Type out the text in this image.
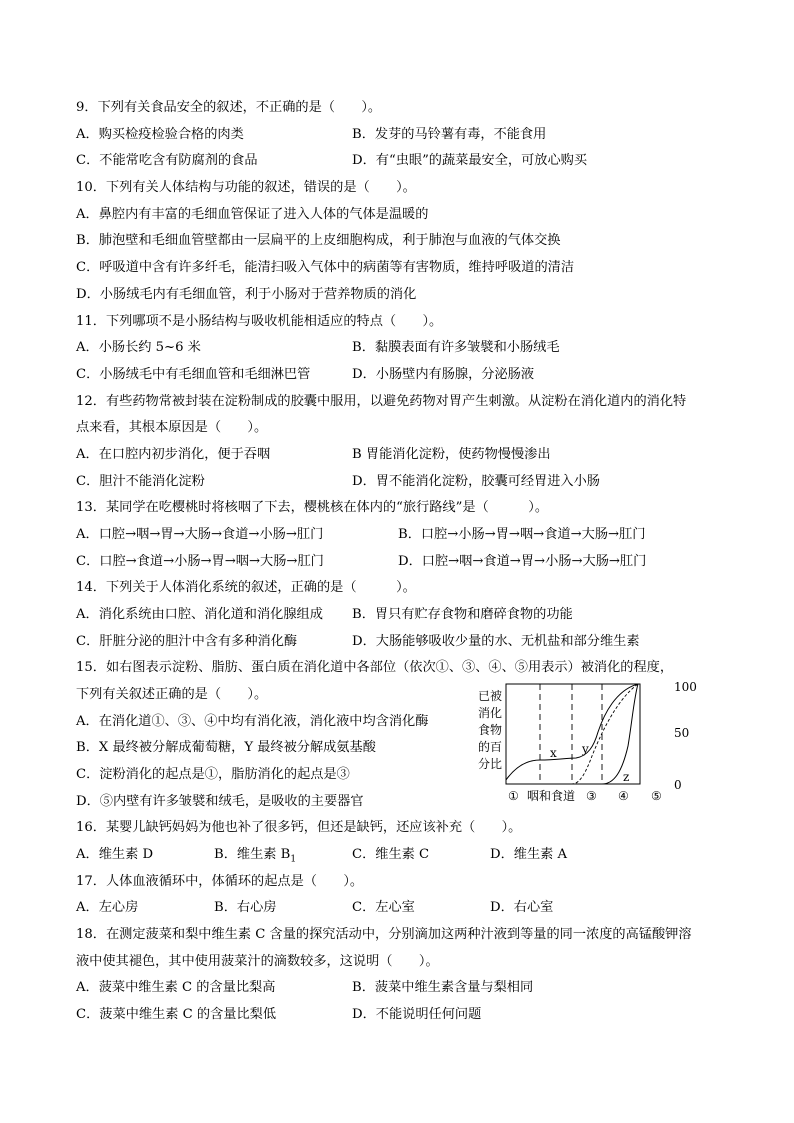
9．下列有关食品安全的叙述，不正确的是（　　）。
A．购买检疫检验合格的肉类	B．发芽的马铃薯有毒，不能食用
C．不能常吃含有防腐剂的食品	D．有“虫眼”的蔬菜最安全，可放心购买
10．下列有关人体结构与功能的叙述，错误的是（　　）。
A．鼻腔内有丰富的毛细血管保证了进入人体的气体是温暖的
B．肺泡壁和毛细血管壁都由一层扁平的上皮细胞构成，利于肺泡与血液的气体交换
C．呼吸道中含有许多纤毛，能清扫吸入气体中的病菌等有害物质，维持呼吸道的清洁
D．小肠绒毛内有毛细血管，利于小肠对于营养物质的消化
11．下列哪项不是小肠结构与吸收机能相适应的特点（　　）。
A．小肠长约 5~6 米	B．黏膜表面有许多皱襞和小肠绒毛
C．小肠绒毛中有毛细血管和毛细淋巴管	D．小肠壁内有肠腺，分泌肠液
12．有些药物常被封装在淀粉制成的胶囊中服用，以避免药物对胃产生刺激。从淀粉在消化道内的消化特
点来看，其根本原因是（　　）。
A．在口腔内初步消化，便于吞咽	B 胃能消化淀粉，使药物慢慢渗出
C．胆汁不能消化淀粉	D．胃不能消化淀粉，胶囊可经胃进入小肠
13．某同学在吃樱桃时将核咽了下去，樱桃核在体内的“旅行路线”是（　　　）。
A．口腔→咽→胃→大肠→食道→小肠→肛门	B．口腔→小肠→胃→咽→食道→大肠→肛门
C．口腔→食道→小肠→胃→咽→大肠→肛门	D．口腔→咽→食道→胃→小肠→大肠→肛门
14．下列关于人体消化系统的叙述，正确的是（　　　）。
A．消化系统由口腔、消化道和消化腺组成 B．胃只有贮存食物和磨碎食物的功能
C．肝脏分泌的胆汁中含有多种消化酶	D．大肠能够吸收少量的水、无机盐和部分维生素
15．如右图表示淀粉、脂肪、蛋白质在消化道中各部位（依次①、③、④、⑤用表示）被消化的程度，
下列有关叙述正确的是（　　）。
A．在消化道①、③、④中均有消化液，消化液中均含消化酶
B．X 最终被分解成葡萄糖，Y 最终被分解成氨基酸
C．淀粉消化的起点是①，脂肪消化的起点是③
D．⑤内壁有许多皱襞和绒毛，是吸收的主要器官
已被
消化
食物
的百
分比
100
50
0
x y
z
① 咽和食道 ③ ④ ⑤
16．某婴儿缺钙妈妈为他也补了很多钙，但还是缺钙，还应该补充（　　）。
A．维生素 D	B．维生素 $B_1$	C．维生素 C	D．维生素 A
17．人体血液循环中，体循环的起点是（　　）。
A．左心房	B．右心房	C．左心室	D．右心室
18．在测定菠菜和梨中维生素 C 含量的探究活动中，分别滴加这两种汁液到等量的同一浓度的高锰酸钾溶
液中使其褪色，其中使用菠菜汁的滴数较多，这说明（　　）。
A．菠菜中维生素 C 的含量比梨高	B．菠菜中维生素含量与梨相同
C．菠菜中维生素 C 的含量比梨低	D．不能说明任何问题
